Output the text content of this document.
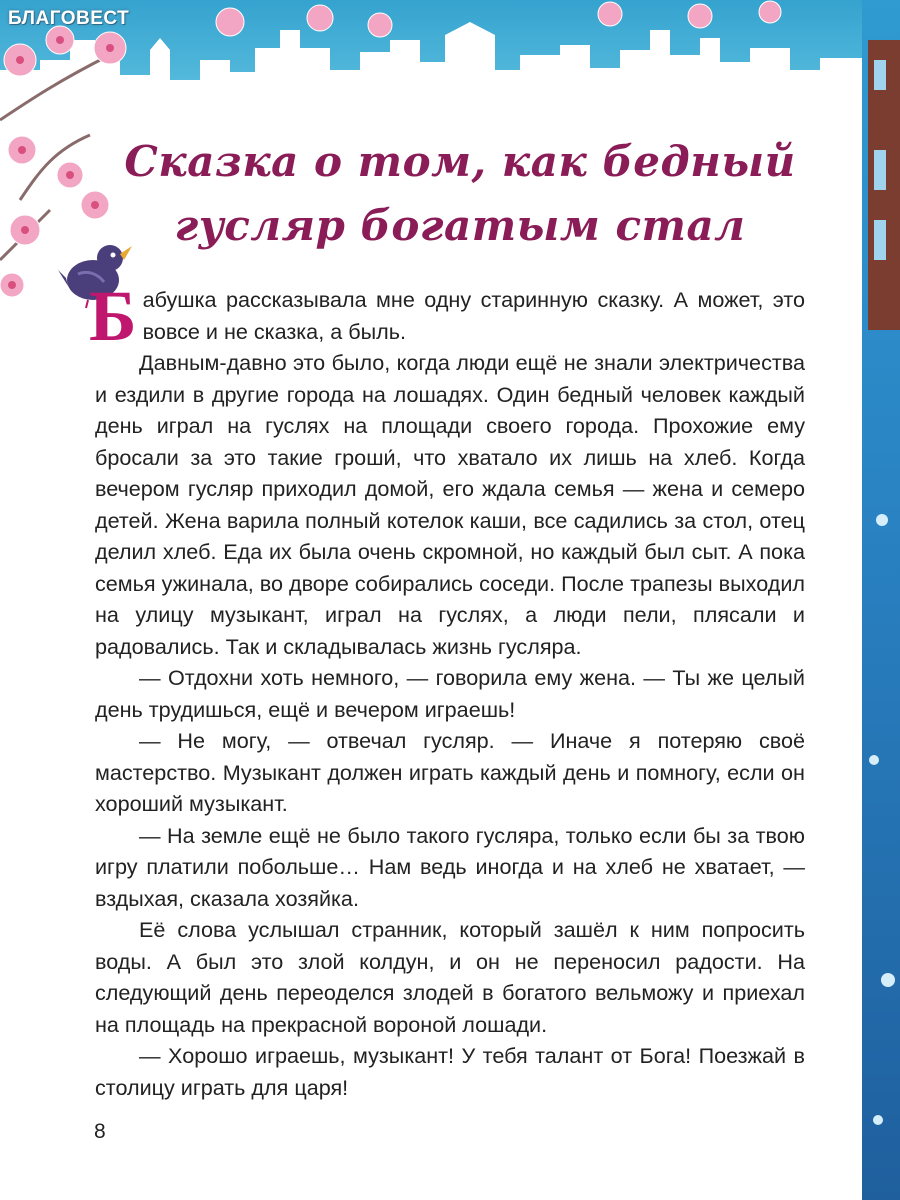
БЛАГОВЕСТ
Сказка о том, как бедный
гусляр богатым стал

Бабушка рассказывала мне одну старинную сказку. А может, это вовсе и не сказка, а быль.

Давным-давно это было, когда люди ещё не знали электричества и ездили в другие города на лошадях. Один бедный человек каждый день играл на гуслях на площади своего города. Прохожие ему бросали за это такие гроши́, что хватало их лишь на хлеб. Когда вечером гусляр приходил домой, его ждала семья — жена и семеро детей. Жена варила полный котелок каши, все садились за стол, отец делил хлеб. Еда их была очень скромной, но каждый был сыт. А пока семья ужинала, во дворе собирались соседи. После трапезы выходил на улицу музыкант, играл на гуслях, а люди пели, плясали и радовались. Так и складывалась жизнь гусляра.

— Отдохни хоть немного, — говорила ему жена. — Ты же целый день трудишься, ещё и вечером играешь!

— Не могу, — отвечал гусляр. — Иначе я потеряю своё мастерство. Музыкант должен играть каждый день и помногу, если он хороший музыкант.

— На земле ещё не было такого гусляра, только если бы за твою игру платили побольше… Нам ведь иногда и на хлеб не хватает, — вздыхая, сказала хозяйка.

Её слова услышал странник, который зашёл к ним попросить воды. А был это злой колдун, и он не переносил радости. На следующий день переоделся злодей в богатого вельможу и приехал на площадь на прекрасной вороной лошади.

— Хорошо играешь, музыкант! У тебя талант от Бога! Поезжай в столицу играть для царя!

8
